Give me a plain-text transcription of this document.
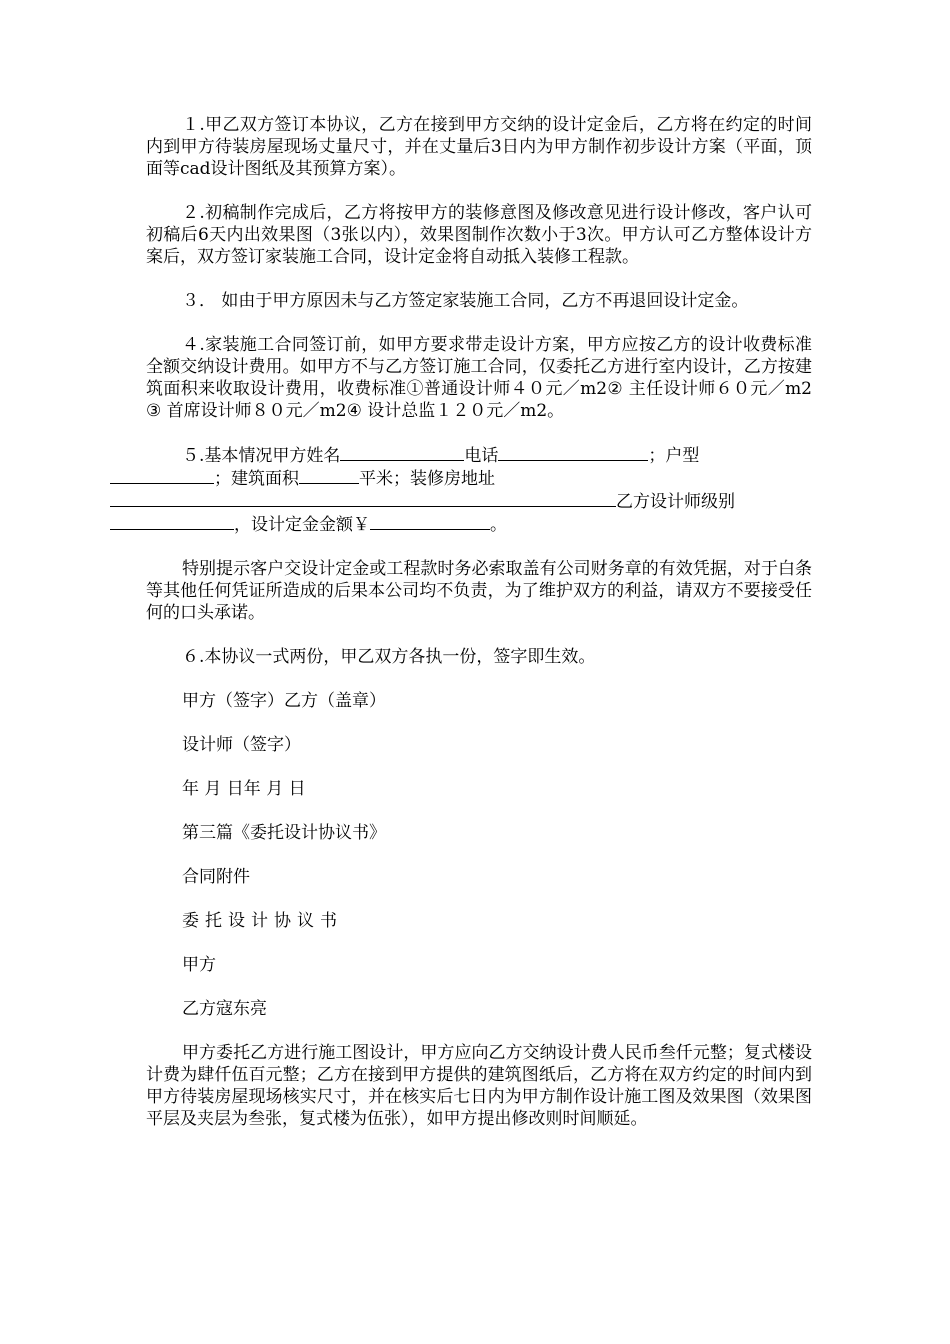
１.甲乙双方签订本协议，乙方在接到甲方交纳的设计定金后，乙方将在约定的时间内到甲方待装房屋现场丈量尺寸，并在丈量后3日内为甲方制作初步设计方案（平面，顶面等cad设计图纸及其预算方案）。

２.初稿制作完成后，乙方将按甲方的装修意图及修改意见进行设计修改，客户认可初稿后6天内出效果图（3张以内），效果图制作次数小于3次。甲方认可乙方整体设计方案后，双方签订家装施工合同，设计定金将自动抵入装修工程款。

３． 如由于甲方原因未与乙方签定家装施工合同，乙方不再退回设计定金。

４.家装施工合同签订前，如甲方要求带走设计方案，甲方应按乙方的设计收费标准全额交纳设计费用。如甲方不与乙方签订施工合同，仅委托乙方进行室内设计，乙方按建筑面积来收取设计费用，收费标准①普通设计师４０元／m2② 主任设计师６０元／m2③ 首席设计师８０元／m2④ 设计总监１２０元／m2。

５.基本情况甲方姓名	电话	；户型
；建筑面积	平米；装修房地址
乙方设计师级别
，设计定金金额￥	。

特别提示客户交设计定金或工程款时务必索取盖有公司财务章的有效凭据，对于白条等其他任何凭证所造成的后果本公司均不负责，为了维护双方的利益，请双方不要接受任何的口头承诺。

６.本协议一式两份，甲乙双方各执一份，签字即生效。

甲方（签字）乙方（盖章）

设计师（签字）

年 月 日年 月 日

第三篇《委托设计协议书》

合同附件

委托设计协议书

甲方

乙方寇东亮

甲方委托乙方进行施工图设计，甲方应向乙方交纳设计费人民币叁仟元整；复式楼设计费为肆仟伍百元整；乙方在接到甲方提供的建筑图纸后，乙方将在双方约定的时间内到甲方待装房屋现场核实尺寸，并在核实后七日内为甲方制作设计施工图及效果图（效果图平层及夹层为叁张，复式楼为伍张），如甲方提出修改则时间顺延。
